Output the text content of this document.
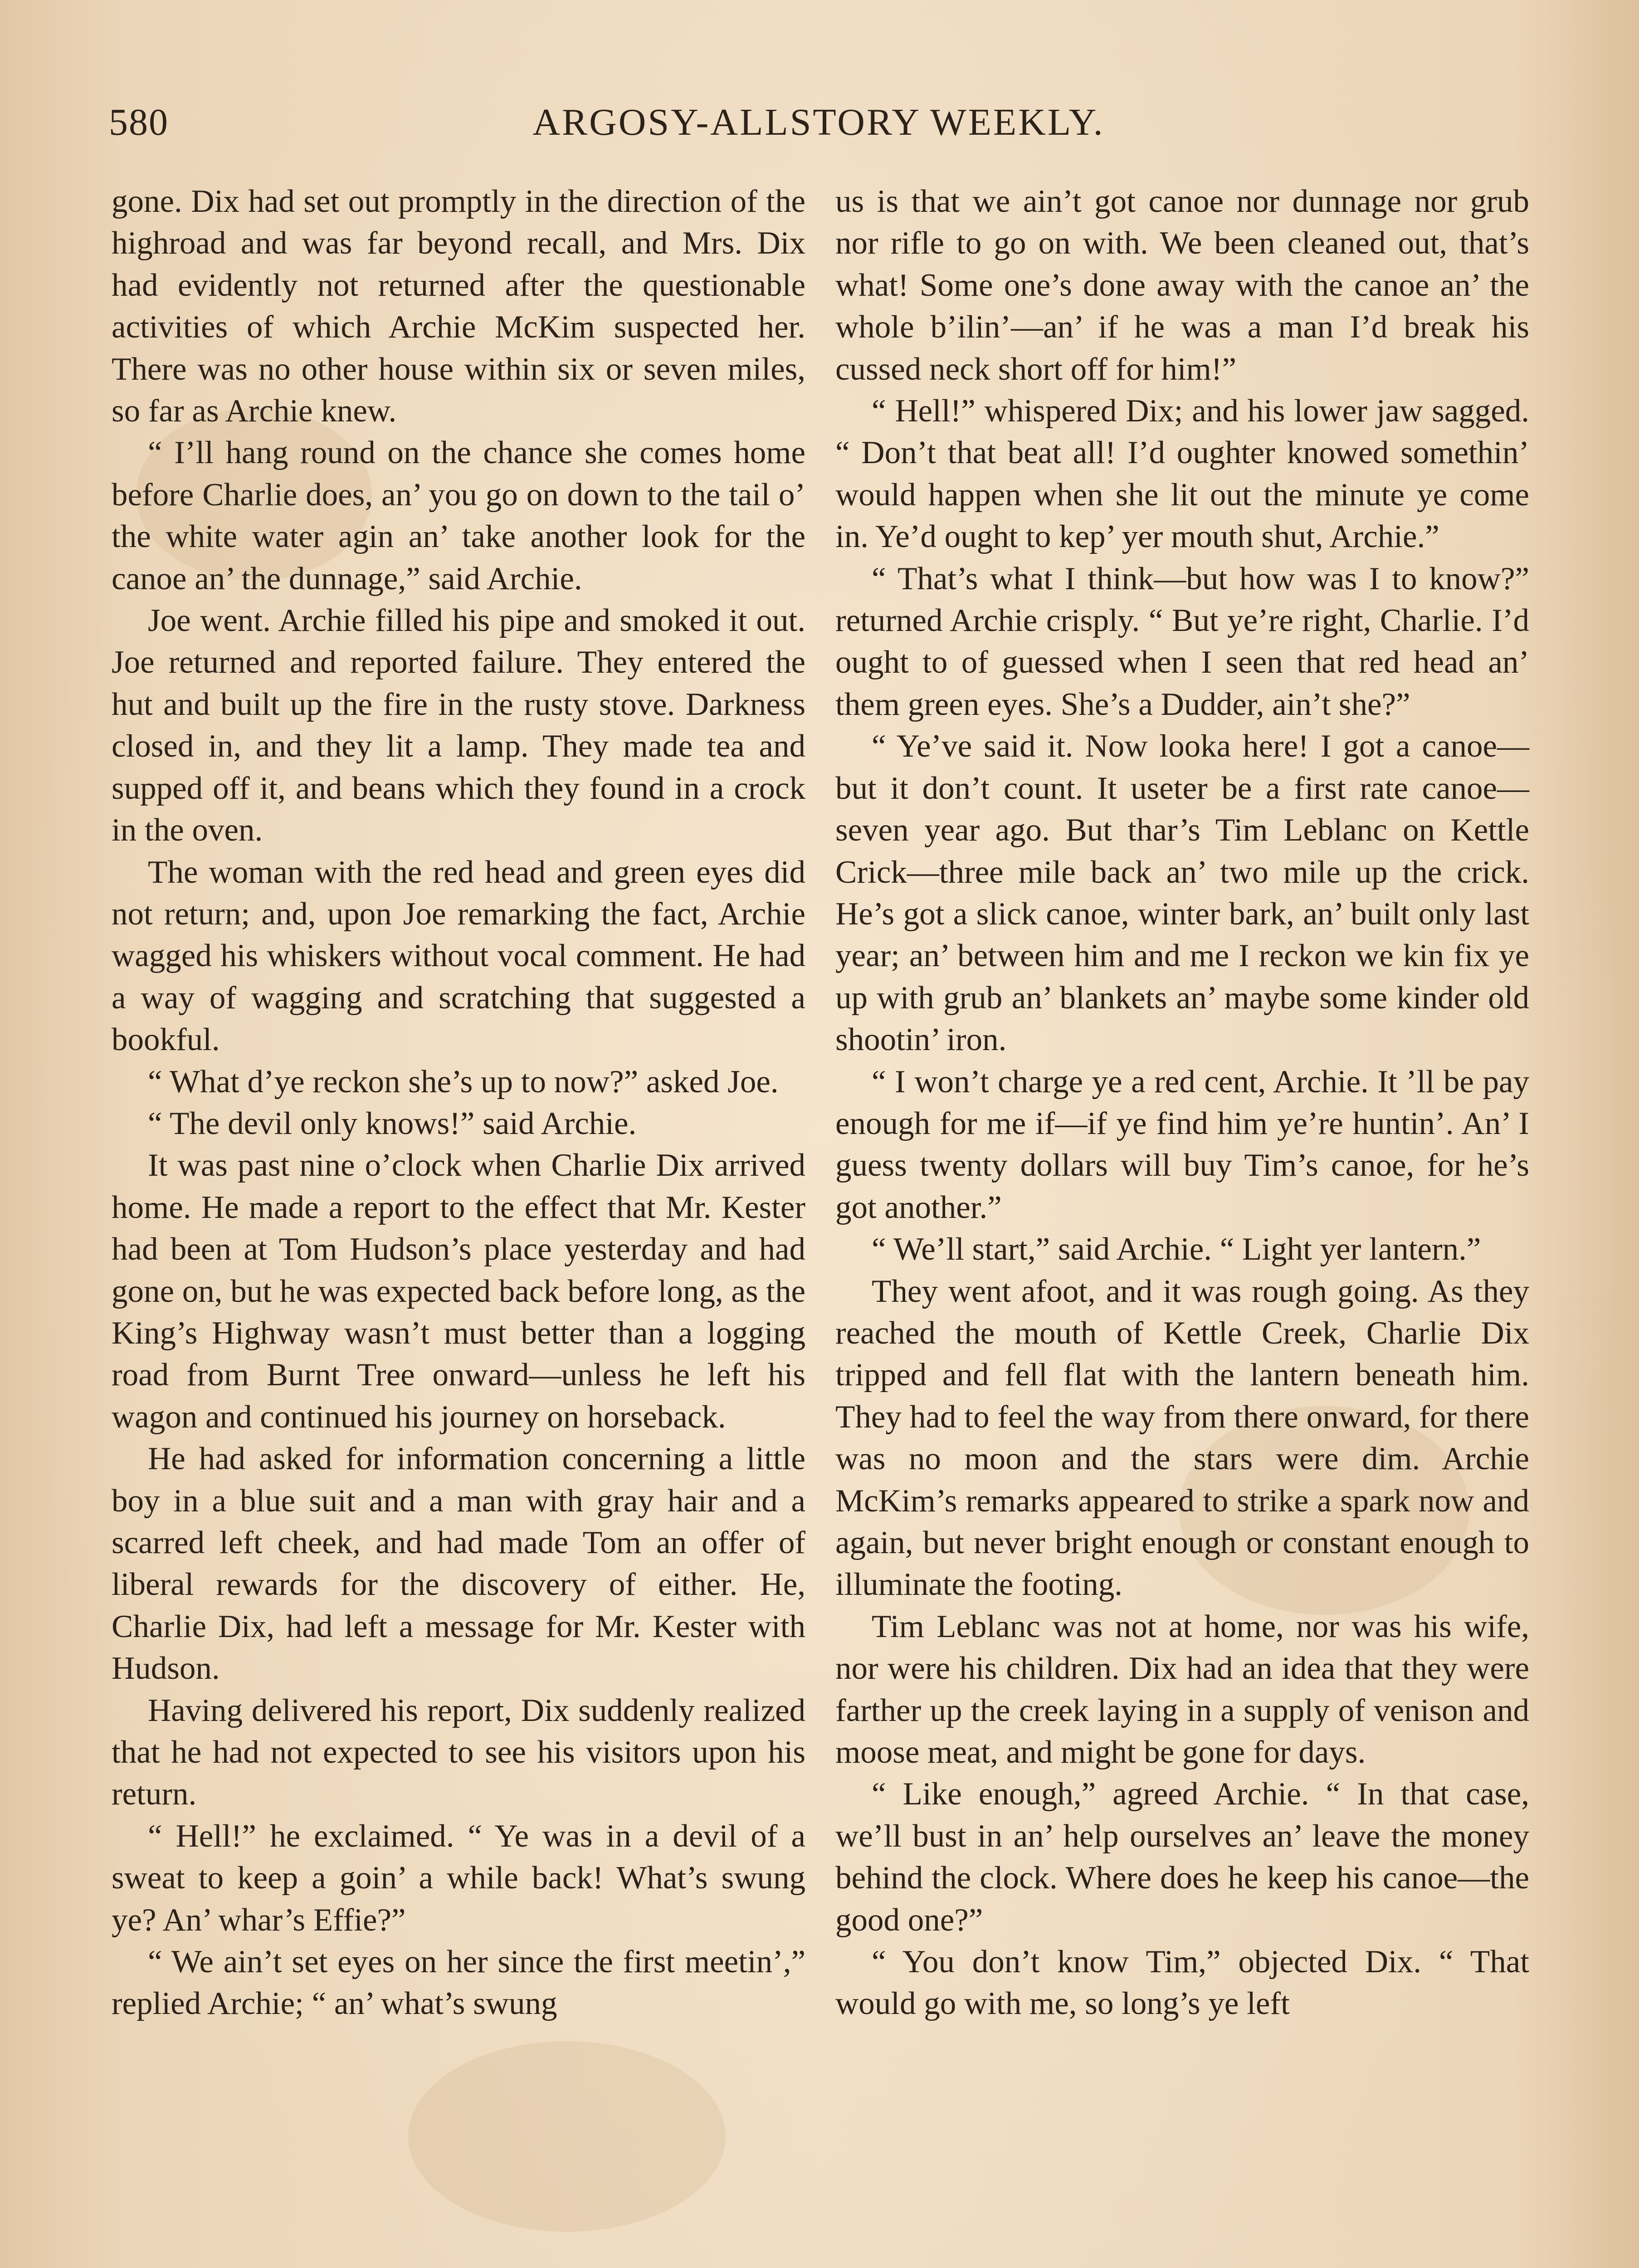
ARGOSY-ALLSTORY WEEKLY.
580

gone. Dix had set out promptly in the direction of the highroad and was far beyond recall, and Mrs. Dix had evidently not returned after the questionable activities of which Archie McKim suspected her. There was no other house within six or seven miles, so far as Archie knew.

“ I’ll hang round on the chance she comes home before Charlie does, an’ you go on down to the tail o’ the white water agin an’ take another look for the canoe an’ the dunnage,” said Archie.

Joe went. Archie filled his pipe and smoked it out. Joe returned and reported failure. They entered the hut and built up the fire in the rusty stove. Darkness closed in, and they lit a lamp. They made tea and supped off it, and beans which they found in a crock in the oven.

The woman with the red head and green eyes did not return; and, upon Joe remarking the fact, Archie wagged his whiskers without vocal comment. He had a way of wagging and scratching that suggested a bookful.

“ What d’ye reckon she’s up to now?” asked Joe.

“ The devil only knows!” said Archie.

It was past nine o’clock when Charlie Dix arrived home. He made a report to the effect that Mr. Kester had been at Tom Hudson’s place yesterday and had gone on, but he was expected back before long, as the King’s Highway wasn’t must better than a logging road from Burnt Tree onward—unless he left his wagon and continued his journey on horseback.

He had asked for information concerning a little boy in a blue suit and a man with gray hair and a scarred left cheek, and had made Tom an offer of liberal rewards for the discovery of either. He, Charlie Dix, had left a message for Mr. Kester with Hudson.

Having delivered his report, Dix suddenly realized that he had not expected to see his visitors upon his return.

“ Hell!” he exclaimed. “ Ye was in a devil of a sweat to keep a goin’ a while back! What’s swung ye? An’ whar’s Effie?”

“ We ain’t set eyes on her since the first meetin’,” replied Archie; “ an’ what’s swung

us is that we ain’t got canoe nor dunnage nor grub nor rifle to go on with. We been cleaned out, that’s what! Some one’s done away with the canoe an’ the whole b’ilin’—an’ if he was a man I’d break his cussed neck short off for him!”

“ Hell!” whispered Dix; and his lower jaw sagged. “ Don’t that beat all! I’d oughter knowed somethin’ would happen when she lit out the minute ye come in. Ye’d ought to kep’ yer mouth shut, Archie.”

“ That’s what I think—but how was I to know?” returned Archie crisply. “ But ye’re right, Charlie. I’d ought to of guessed when I seen that red head an’ them green eyes. She’s a Dudder, ain’t she?”

“ Ye’ve said it. Now looka here! I got a canoe—but it don’t count. It useter be a first rate canoe—seven year ago. But thar’s Tim Leblanc on Kettle Crick—three mile back an’ two mile up the crick. He’s got a slick canoe, winter bark, an’ built only last year; an’ between him and me I reckon we kin fix ye up with grub an’ blankets an’ maybe some kinder old shootin’ iron.

“ I won’t charge ye a red cent, Archie. It ’ll be pay enough for me if—if ye find him ye’re huntin’. An’ I guess twenty dollars will buy Tim’s canoe, for he’s got another.”

“ We’ll start,” said Archie. “ Light yer lantern.”

They went afoot, and it was rough going. As they reached the mouth of Kettle Creek, Charlie Dix tripped and fell flat with the lantern beneath him. They had to feel the way from there onward, for there was no moon and the stars were dim. Archie McKim’s remarks appeared to strike a spark now and again, but never bright enough or constant enough to illuminate the footing.

Tim Leblanc was not at home, nor was his wife, nor were his children. Dix had an idea that they were farther up the creek laying in a supply of venison and moose meat, and might be gone for days.

“ Like enough,” agreed Archie. “ In that case, we’ll bust in an’ help ourselves an’ leave the money behind the clock. Where does he keep his canoe—the good one?”

“ You don’t know Tim,” objected Dix. “ That would go with me, so long’s ye left
